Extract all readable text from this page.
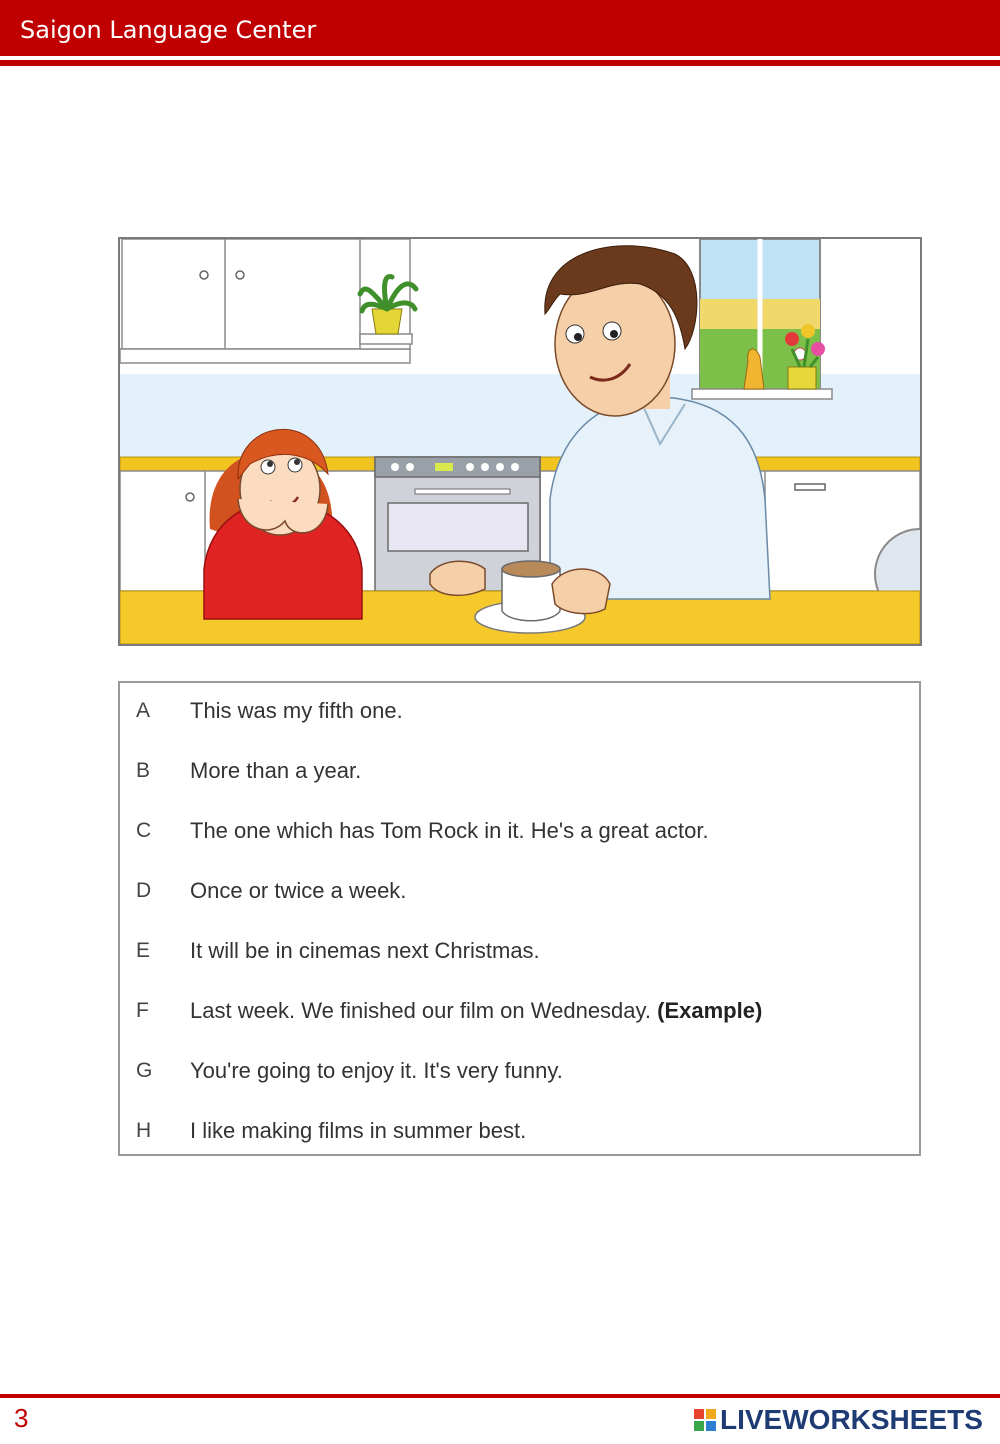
Saigon Language Center
A	This was my fifth one.
B	More than a year.
C	The one which has Tom Rock in it. He's a great actor.
D	Once or twice a week.
E	It will be in cinemas next Christmas.
F	Last week. We finished our film on Wednesday. (Example)
G	You're going to enjoy it. It's very funny.
H	I like making films in summer best.
3	LIVEWORKSHEETS
